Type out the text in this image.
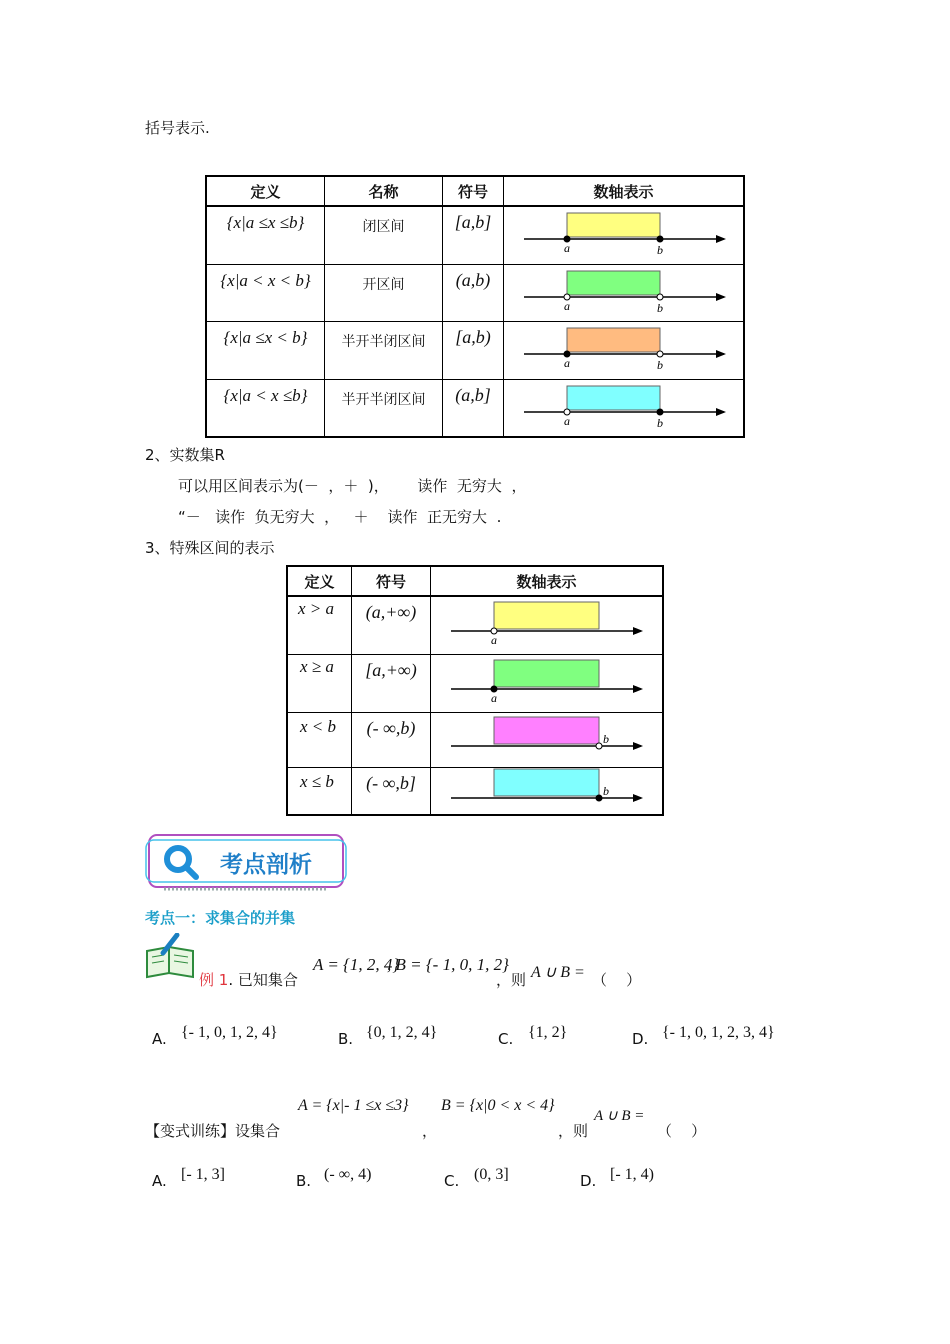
括号表示.
定义	名称	符号	数轴表示
{x|a ≤x ≤b}	闭区间	[a,b]	a b

{x|a < x < b}	开区间	(a,b)	a b

{x|a ≤x < b}	半开半闭区间	[a,b)	a b

{x|a < x ≤b}	半开半闭区间	(a,b]	a b
2、实数集R
可以用区间表示为(－  ，＋  )，      读作  无穷大  ，
“－   读作  负无穷大  ，   ＋    读作  正无穷大  .
3、特殊区间的表示
定义	符号	数轴表示
x > a	(a,+∞)	a

x ≥ a	[a,+∞)	a

x < b	(- ∞,b)	b

x ≤ b	(- ∞,b]	b
考点剖析
考点一：求集合的并集
例 1. 已知集合
A = {1, 2, 4}
, B = {- 1, 0, 1, 2}
，则 A ∪ B = （    ）
A. {- 1, 0, 1, 2, 4}	B. {0, 1, 2, 4}	C. {1, 2}	D. {- 1, 0, 1, 2, 3, 4}
【变式训练】设集合
A = {x|- 1 ≤x ≤3}
，
B = {x|0 < x < 4}
，则
A ∪ B =
（    ）
A. [- 1, 3]	B. (- ∞, 4)	C. (0, 3]	D. [- 1, 4)
